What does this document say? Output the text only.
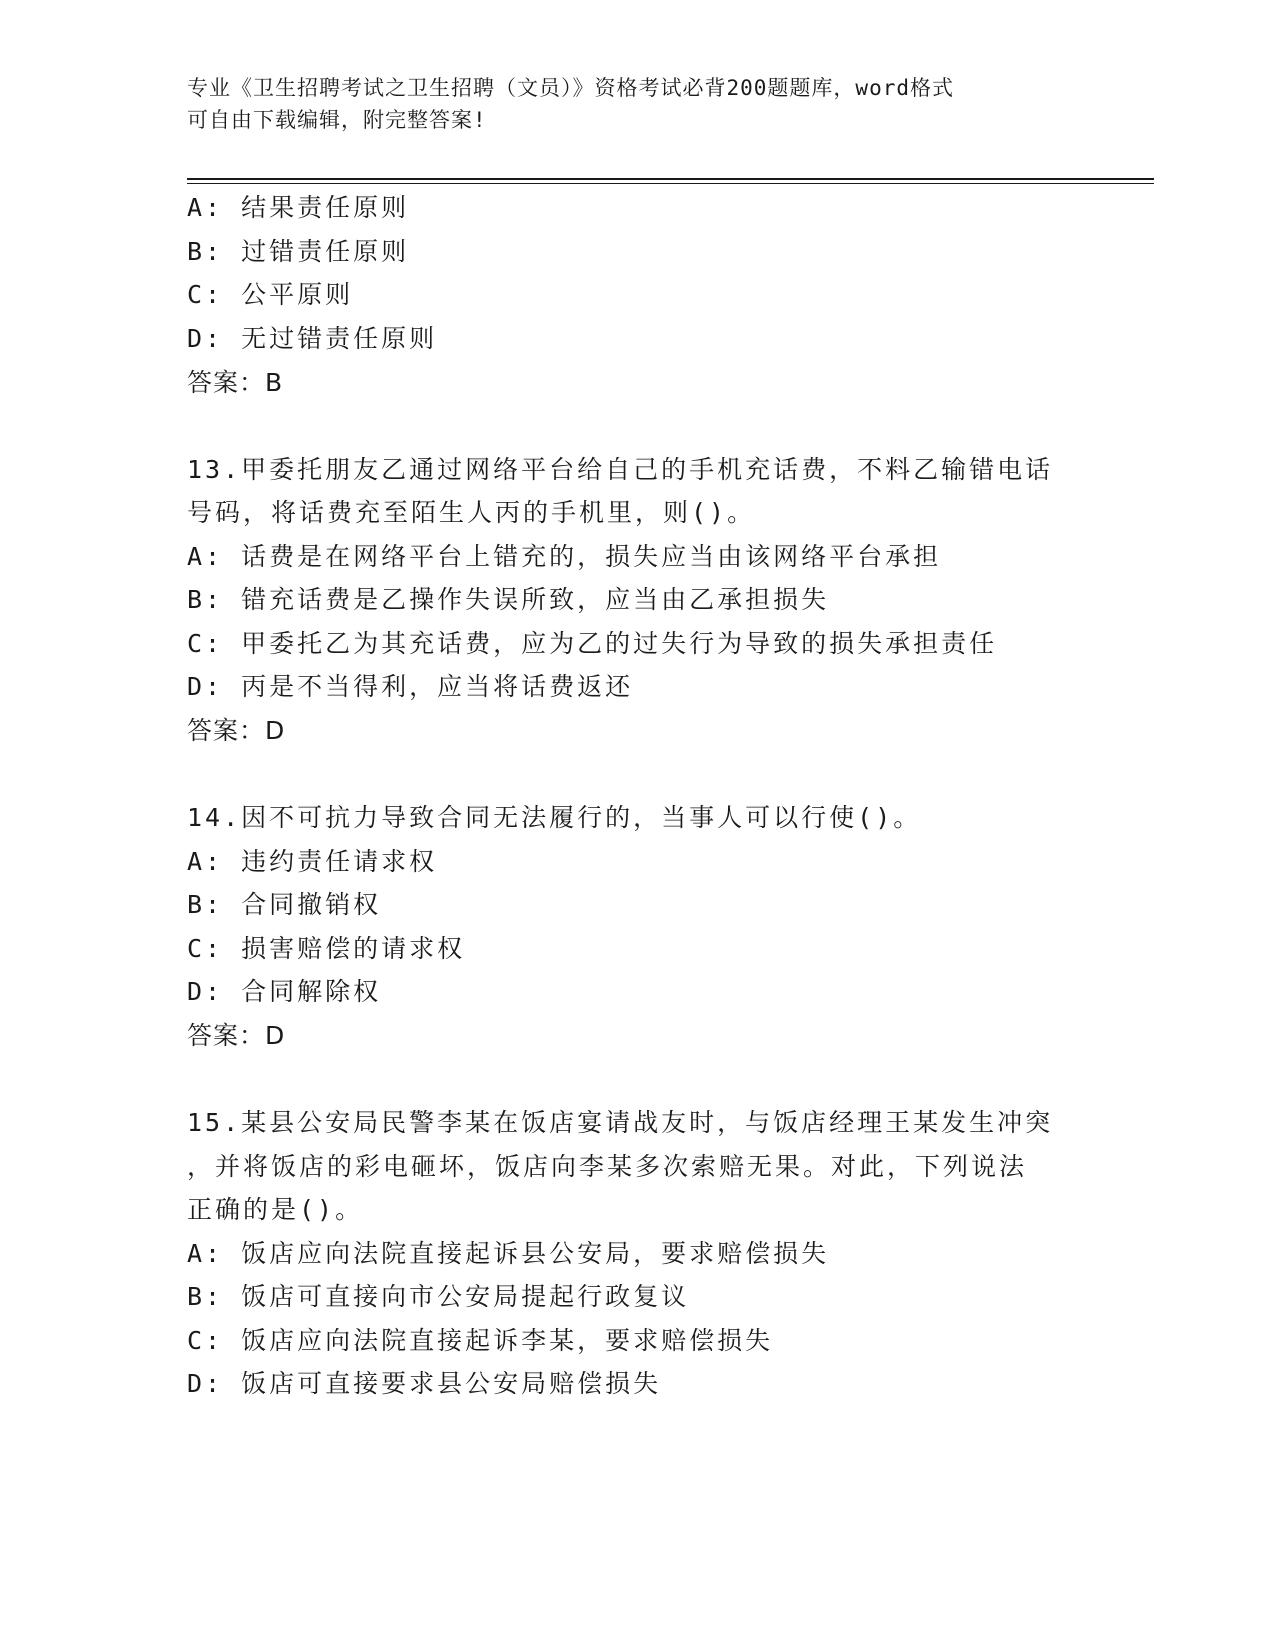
专业《卫生招聘考试之卫生招聘（文员）》资格考试必背200题题库，word格式
可自由下载编辑，附完整答案!
A: 结果责任原则
B: 过错责任原则
C: 公平原则
D: 无过错责任原则
答案：B
13.甲委托朋友乙通过网络平台给自己的手机充话费，不料乙输错电话
号码，将话费充至陌生人丙的手机里，则()。
A: 话费是在网络平台上错充的，损失应当由该网络平台承担
B: 错充话费是乙操作失误所致，应当由乙承担损失
C: 甲委托乙为其充话费，应为乙的过失行为导致的损失承担责任
D: 丙是不当得利，应当将话费返还
答案：D
14.因不可抗力导致合同无法履行的，当事人可以行使()。
A: 违约责任请求权
B: 合同撤销权
C: 损害赔偿的请求权
D: 合同解除权
答案：D
15.某县公安局民警李某在饭店宴请战友时，与饭店经理王某发生冲突
，并将饭店的彩电砸坏，饭店向李某多次索赔无果。对此，下列说法
正确的是()。
A: 饭店应向法院直接起诉县公安局，要求赔偿损失
B: 饭店可直接向市公安局提起行政复议
C: 饭店应向法院直接起诉李某，要求赔偿损失
D: 饭店可直接要求县公安局赔偿损失
